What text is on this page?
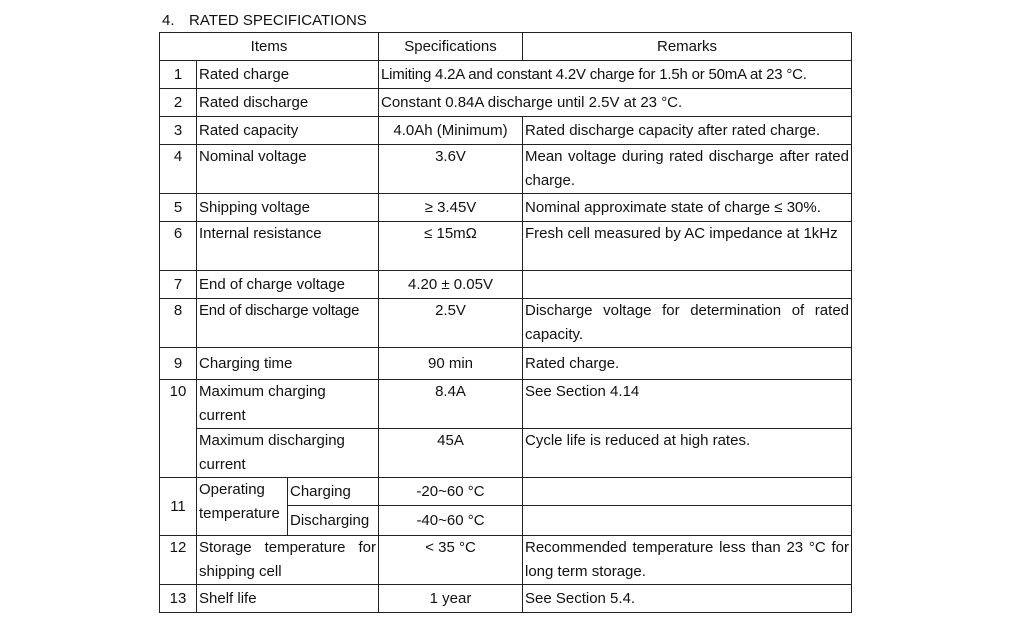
4. RATED SPECIFICATIONS
Items			Specifications	Remarks
1	Rated charge		Limiting 4.2A and constant 4.2V charge for 1.5h or 50mA at 23 °C.	
2	Rated discharge		Constant 0.84A discharge until 2.5V at 23 °C.	
3	Rated capacity		4.0Ah (Minimum)	Rated discharge capacity after rated charge.
4	Nominal voltage		3.6V	Mean voltage during rated discharge after rated charge.
5	Shipping voltage		≥ 3.45V	Nominal approximate state of charge ≤ 30%.
6	Internal resistance		≤ 15mΩ	Fresh cell measured by AC impedance at 1kHz
7	End of charge voltage		4.20 ± 0.05V	
8	End of discharge voltage		2.5V	Discharge voltage for determination of rated capacity.
9	Charging time		90 min	Rated charge.
10	Maximum charging current		8.4A	See Section 4.14
	Maximum discharging current		45A	Cycle life is reduced at high rates.
11	Operating temperature	Charging	-20~60 °C	
		Discharging	-40~60 °C	
12	Storage temperature for shipping cell		< 35 °C	Recommended temperature less than 23 °C for long term storage.
13	Shelf life		1 year	See Section 5.4.
